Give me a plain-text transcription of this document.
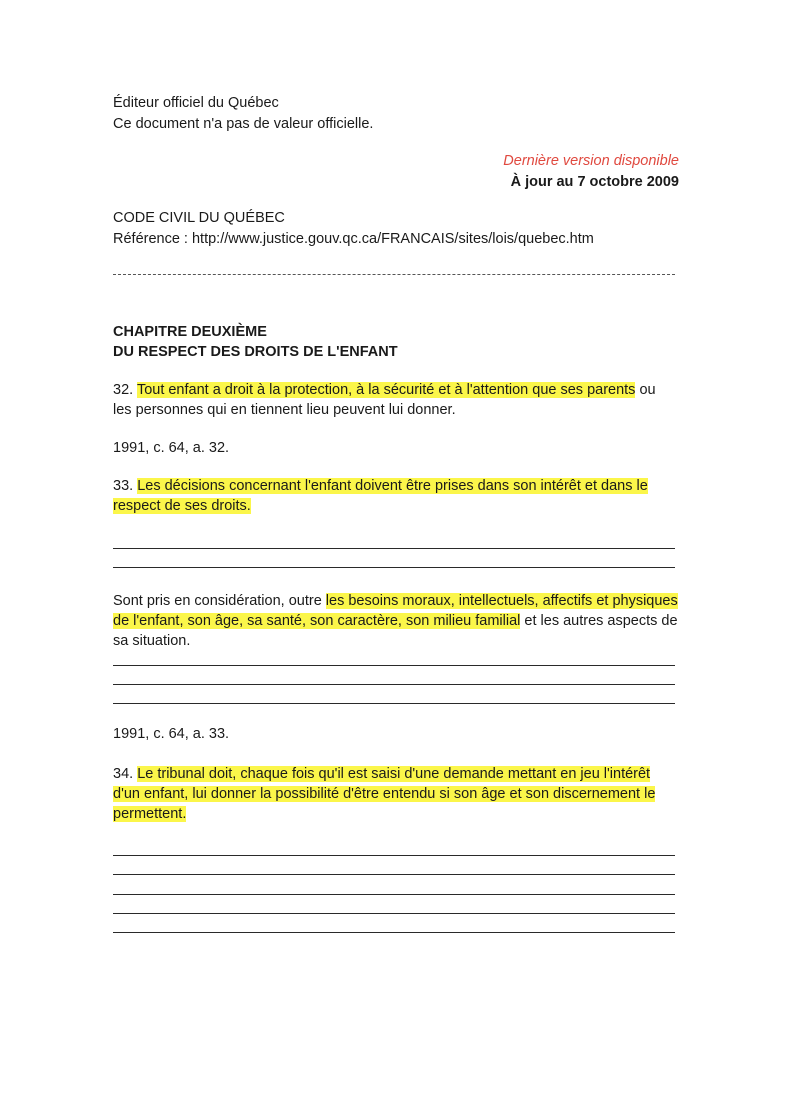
Éditeur officiel du Québec
Ce document n'a pas de valeur officielle.
Dernière version disponible
À jour au 7 octobre 2009
CODE CIVIL DU QUÉBEC
Référence : http://www.justice.gouv.qc.ca/FRANCAIS/sites/lois/quebec.htm
CHAPITRE DEUXIÈME
DU RESPECT DES DROITS DE L'ENFANT
32. Tout enfant a droit à la protection, à la sécurité et à l'attention que ses parents ou
les personnes qui en tiennent lieu peuvent lui donner.
1991, c. 64, a. 32.
33. Les décisions concernant l'enfant doivent être prises dans son intérêt et dans le
respect de ses droits.
Sont pris en considération, outre les besoins moraux, intellectuels, affectifs et physiques
de l'enfant, son âge, sa santé, son caractère, son milieu familial et les autres aspects de
sa situation.
1991, c. 64, a. 33.
34. Le tribunal doit, chaque fois qu'il est saisi d'une demande mettant en jeu l'intérêt
d'un enfant, lui donner la possibilité d'être entendu si son âge et son discernement le
permettent.
